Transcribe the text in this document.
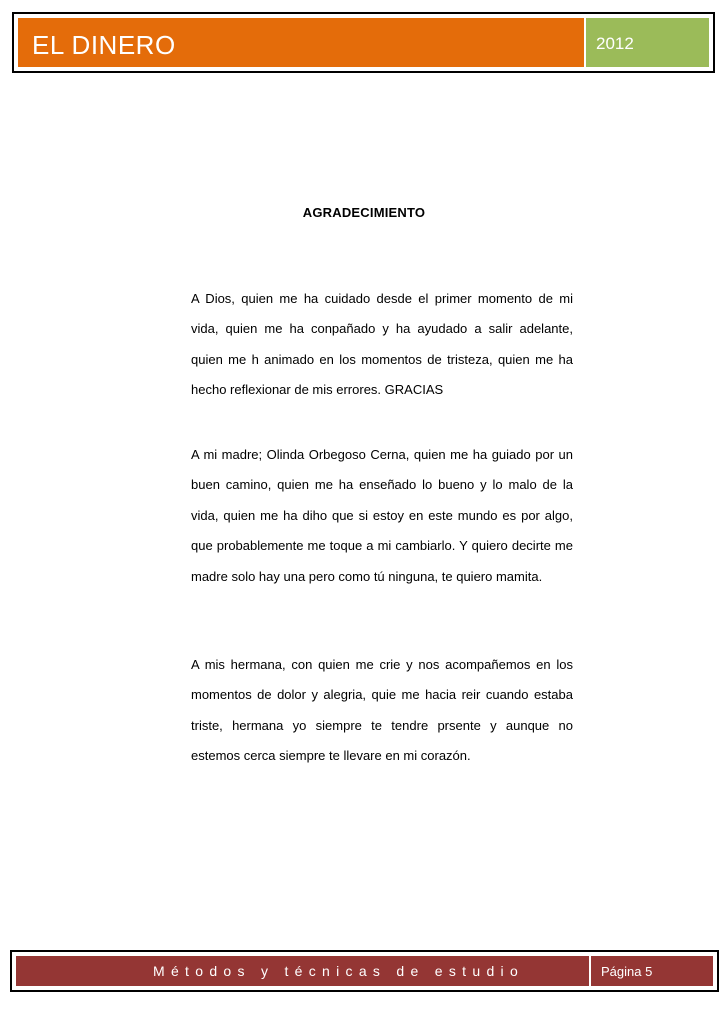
EL DINERO	2012
AGRADECIMIENTO

A Dios, quien me ha cuidado desde el primer momento de mi vida, quien me ha conpañado y ha ayudado a salir adelante, quien me h animado en los momentos de tristeza, quien me ha hecho reflexionar de mis errores. GRACIAS

A mi madre; Olinda Orbegoso Cerna, quien me ha guiado por un buen camino, quien me ha enseñado lo bueno y lo malo de la vida, quien me ha diho que si estoy en este mundo es por algo, que probablemente me toque a mi cambiarlo. Y quiero decirte me madre solo hay una pero como tú ninguna, te quiero mamita.

A mis hermana, con quien me crie y nos acompañemos en los momentos de dolor y alegria, quie me hacia reir cuando estaba triste, hermana yo siempre te tendre prsente y aunque no estemos cerca siempre te llevare en mi corazón.

Métodos y técnicas de estudio	Página 5
